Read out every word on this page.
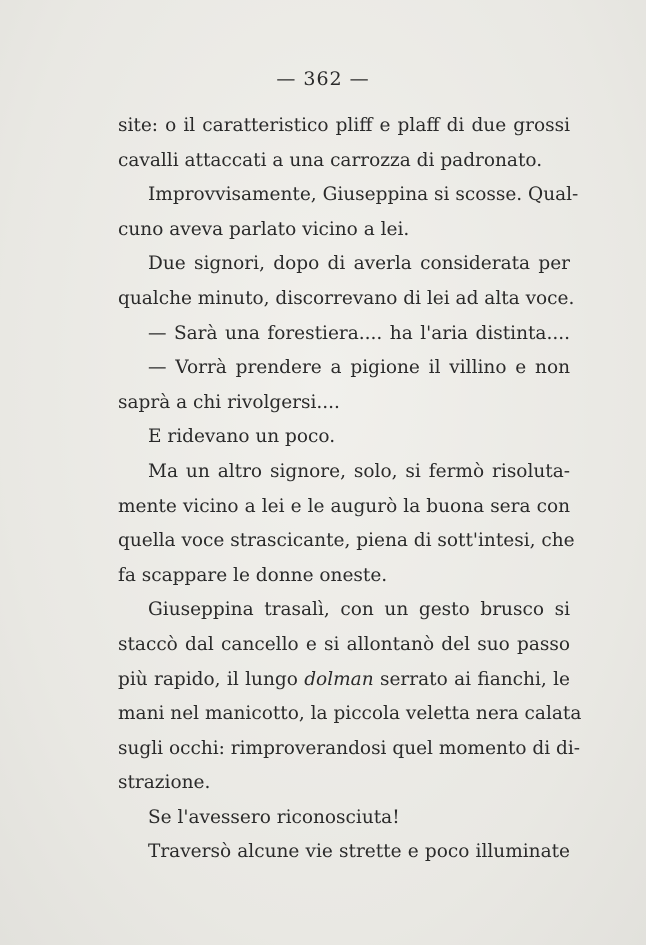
— 362 —
site: o il caratteristico pliff e plaff di due grossi
cavalli attaccati a una carrozza di padronato.
Improvvisamente, Giuseppina si scosse. Qual-
cuno aveva parlato vicino a lei.
Due signori, dopo di averla considerata per
qualche minuto, discorrevano di lei ad alta voce.
— Sarà una forestiera.... ha l'aria distinta....
— Vorrà prendere a pigione il villino e non
saprà a chi rivolgersi....
E ridevano un poco.
Ma un altro signore, solo, si fermò risoluta-
mente vicino a lei e le augurò la buona sera con
quella voce strascicante, piena di sott'intesi, che
fa scappare le donne oneste.
Giuseppina trasalì, con un gesto brusco si
staccò dal cancello e si allontanò del suo passo
più rapido, il lungo dolman serrato ai fianchi, le
mani nel manicotto, la piccola veletta nera calata
sugli occhi: rimproverandosi quel momento di di-
strazione.
Se l'avessero riconosciuta!
Traversò alcune vie strette e poco illuminate
